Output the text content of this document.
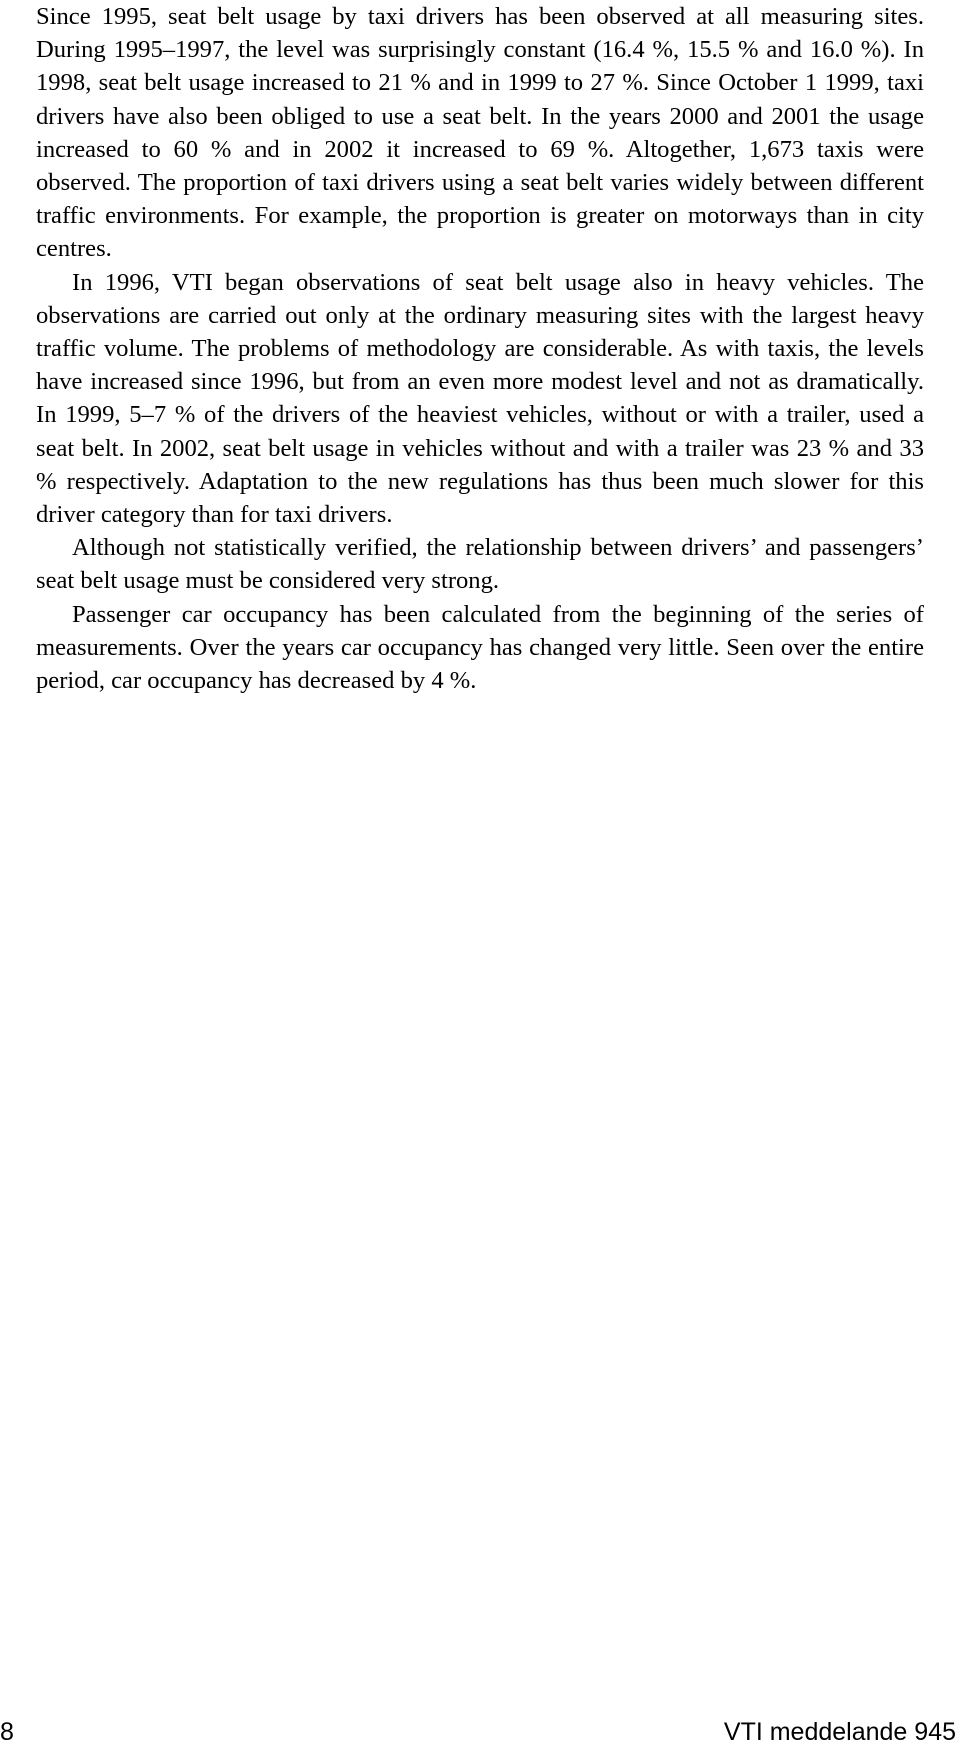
Since 1995, seat belt usage by taxi drivers has been observed at all measuring sites. During 1995–1997, the level was surprisingly constant (16.4 %, 15.5 % and 16.0 %). In 1998, seat belt usage increased to 21 % and in 1999 to 27 %. Since October 1 1999, taxi drivers have also been obliged to use a seat belt. In the years 2000 and 2001 the usage increased to 60 % and in 2002 it increased to 69 %. Altogether, 1,673 taxis were observed. The proportion of taxi drivers using a seat belt varies widely between different traffic environments. For example, the proportion is greater on motorways than in city centres.

In 1996, VTI began observations of seat belt usage also in heavy vehicles. The observations are carried out only at the ordinary measuring sites with the largest heavy traffic volume. The problems of methodology are considerable. As with taxis, the levels have increased since 1996, but from an even more modest level and not as dramatically. In 1999, 5–7 % of the drivers of the heaviest vehicles, without or with a trailer, used a seat belt. In 2002, seat belt usage in vehicles without and with a trailer was 23 % and 33 % respectively. Adaptation to the new regulations has thus been much slower for this driver category than for taxi drivers.

Although not statistically verified, the relationship between drivers’ and passengers’ seat belt usage must be considered very strong.

Passenger car occupancy has been calculated from the beginning of the series of measurements. Over the years car occupancy has changed very little. Seen over the entire period, car occupancy has decreased by 4 %.

8	VTI meddelande 945
